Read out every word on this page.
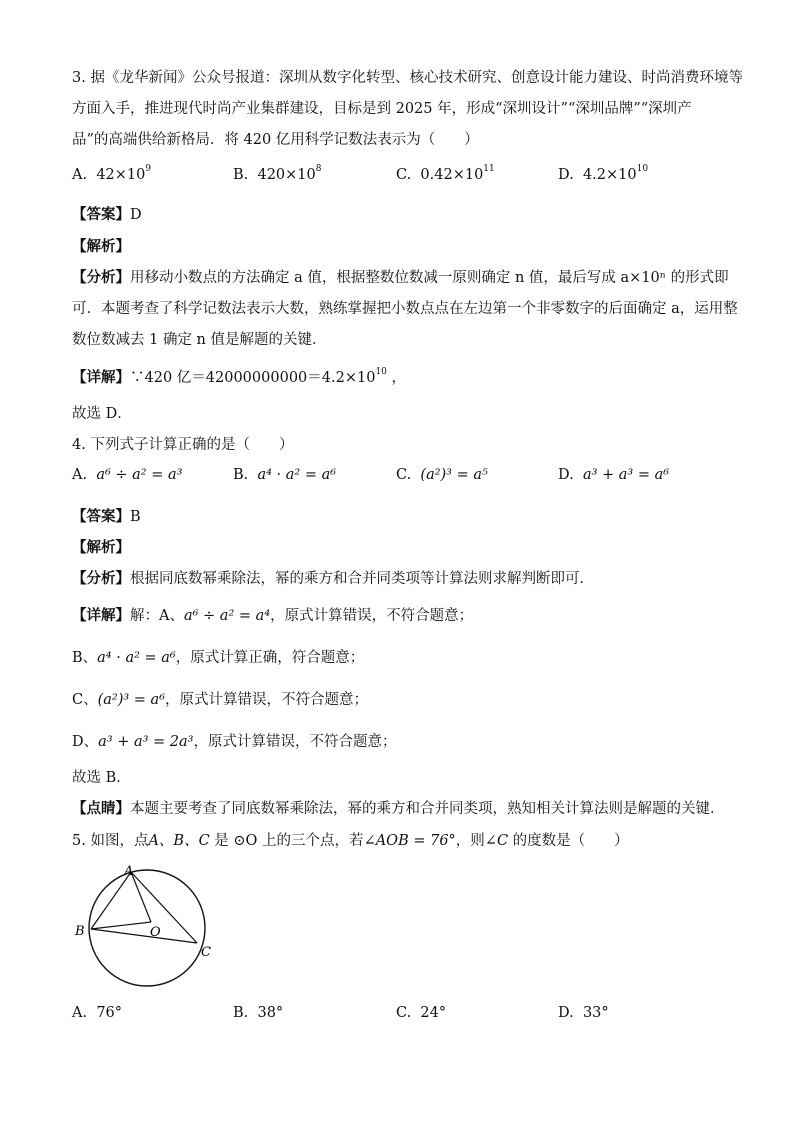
3. 据《龙华新闻》公众号报道：深圳从数字化转型、核心技术研究、创意设计能力建设、时尚消费环境等
方面入手，推进现代时尚产业集群建设，目标是到 2025 年，形成“深圳设计”“深圳品牌”“深圳产
品”的高端供给新格局．将 420 亿用科学记数法表示为（　　）
A. $42\times 10^9$	B. $420\times 10^8$	C. $0.42\times 10^{11}$	D. $4.2\times 10^{10}$
【答案】D
【解析】
【分析】用移动小数点的方法确定 a 值，根据整数位数减一原则确定 n 值，最后写成 a×10ⁿ 的形式即
可．本题考查了科学记数法表示大数，熟练掌握把小数点点在左边第一个非零数字的后面确定 a，运用整
数位数减去 1 确定 n 值是解题的关键．
【详解】∵420 亿$=42000000000=4.2\times 10^{10}$ ，
故选 D．
4. 下列式子计算正确的是（　　）
A. a⁶ ÷ a² = a³	B. a⁴ · a² = a⁶	C. (a²)³ = a⁵	D. a³ + a³ = a⁶
【答案】B
【解析】
【分析】根据同底数幂乘除法，幂的乘方和合并同类项等计算法则求解判断即可．
【详解】解：A、a⁶ ÷ a² = a⁴，原式计算错误，不符合题意；
B、a⁴ · a² = a⁶，原式计算正确，符合题意；
C、(a²)³ = a⁶，原式计算错误，不符合题意；
D、a³ + a³ = 2a³，原式计算错误，不符合题意；
故选 B．
【点睛】本题主要考查了同底数幂乘除法，幂的乘方和合并同类项，熟知相关计算法则是解题的关键．
5. 如图，点A、B、C 是 ⊙O 上的三个点，若∠AOB = 76°，则∠C 的度数是（　　）
A
B
C
O
A. 76°	B. 38°	C. 24°	D. 33°
